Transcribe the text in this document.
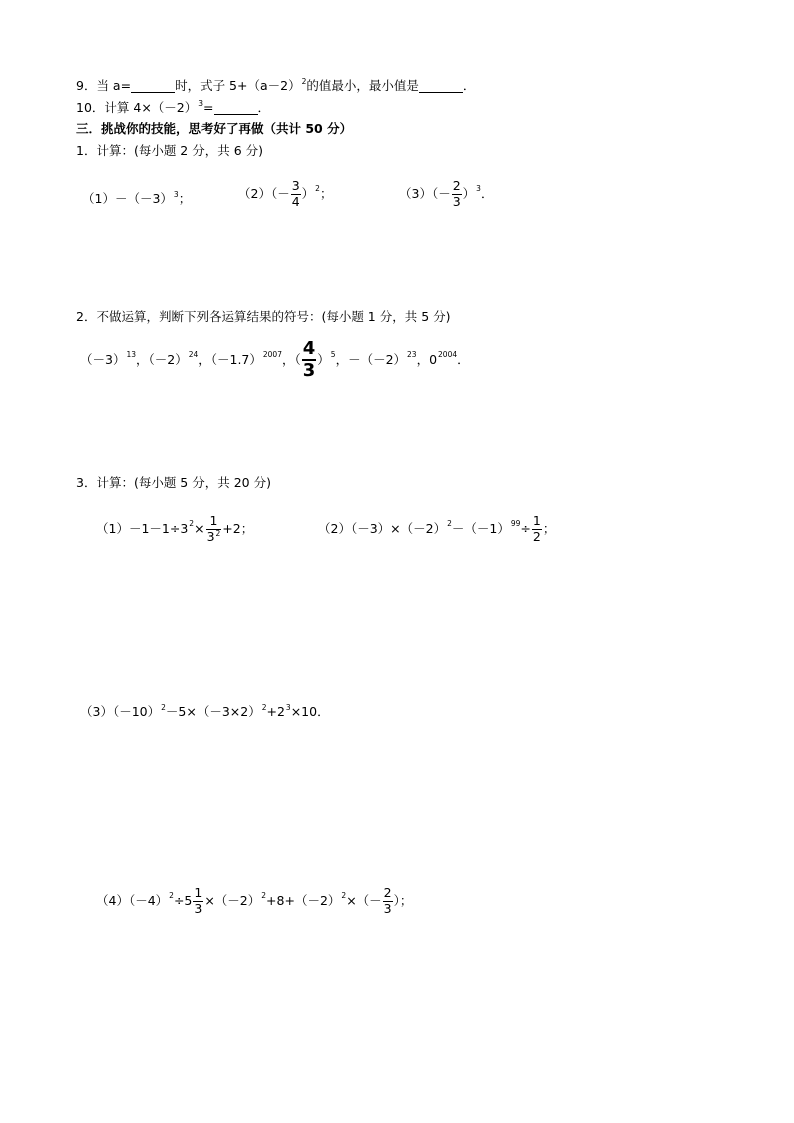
9．当 a=	时，式子 5+（a－2） 2 的值最小，最小值是	．
10．计算 4×（－2） 3 =	．
三．挑战你的技能，思考好了再做（共计 50 分）
1．计算：(每小题 2 分，共 6 分)
（1）－（－3） 3 ；	$(2)(- \frac{3}{4}$ ） 2 ；	$(3)(- \frac{2}{3}$ ） 3 ．
2．不做运算，判断下列各运算结果的符号：(每小题 1 分，共 5 分)
（－3） 13 ，（－2） 24 ，（－1.7） 2007 ，（ $\frac{4}{3}$ ） 5 ，－（－2） 23 ，0 2004 ．
3．计算：(每小题 5 分，共 20 分)
（1）－1－1÷3 $2 \times \frac{1}{3^2} +2$；	（2）（－3）×（－2） 2 －（－1） $99 \div \frac{1}{2}$ ；
（3）（－10） 2 －5×（－3×2） 2 +2 3 ×10．
（4）（－4） $2 \div 5 \frac{1}{3} \times(-2)$ 2 +8+（－2） 2 ×（－ $\frac{2}{3}$ ）；
